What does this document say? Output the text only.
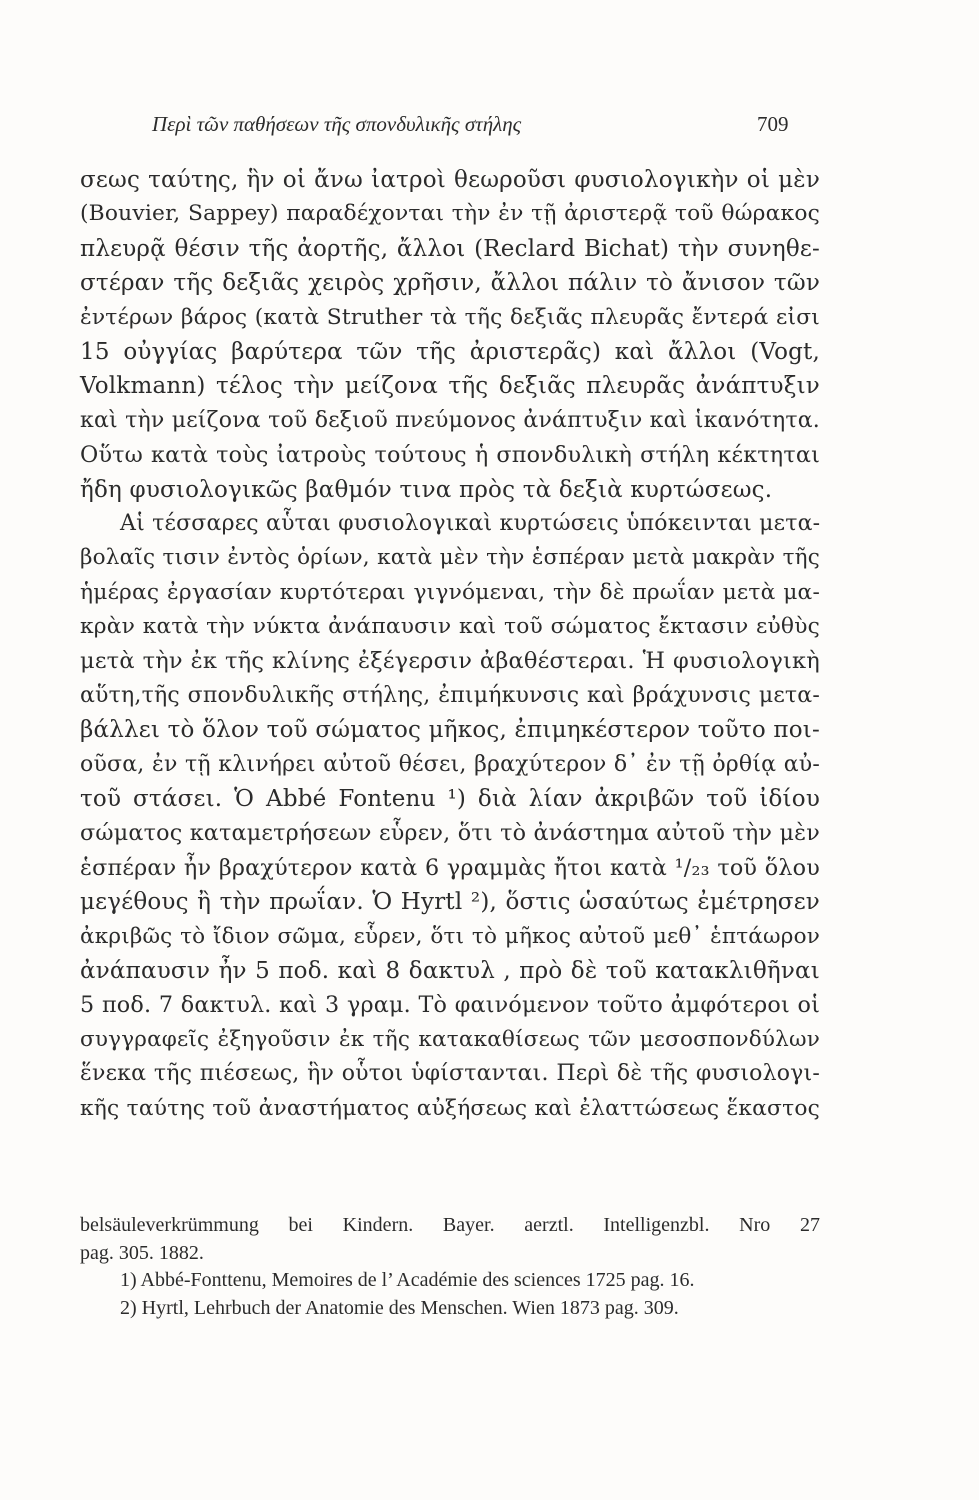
Περὶ τῶν παθήσεων τῆς σπονδυλικῆς στήλης	709
σεως ταύτης, ἣν οἱ ἄνω ἰατροὶ θεωροῦσι φυσιολογικὴν οἱ μὲν
(Bouvier, Sappey) παραδέχονται τὴν ἐν τῇ ἀριστερᾷ τοῦ θώρακος
πλευρᾷ θέσιν τῆς ἀορτῆς, ἄλλοι (Reclard Bichat) τὴν συνηθε-
στέραν τῆς δεξιᾶς χειρὸς χρῆσιν, ἄλλοι πάλιν τὸ ἄνισον τῶν
ἐντέρων βάρος (κατὰ Struther τὰ τῆς δεξιᾶς πλευρᾶς ἔντερά εἰσι
15 οὐγγίας βαρύτερα τῶν τῆς ἀριστερᾶς) καὶ ἄλλοι (Vogt,
Volkmann) τέλος τὴν μείζονα τῆς δεξιᾶς πλευρᾶς ἀνάπτυξιν
καὶ τὴν μείζονα τοῦ δεξιοῦ πνεύμονος ἀνάπτυξιν καὶ ἱκανότητα.
Οὕτω κατὰ τοὺς ἰατροὺς τούτους ἡ σπονδυλικὴ στήλη κέκτηται
ἤδη φυσιολογικῶς βαθμόν τινα πρὸς τὰ δεξιὰ κυρτώσεως.
Αἱ τέσσαρες αὗται φυσιολογικαὶ κυρτώσεις ὑπόκεινται μετα-
βολαῖς τισιν ἐντὸς ὁρίων, κατὰ μὲν τὴν ἑσπέραν μετὰ μακρὰν τῆς
ἡμέρας ἐργασίαν κυρτότεραι γιγνόμεναι, τὴν δὲ πρωΐαν μετὰ μα-
κρὰν κατὰ τὴν νύκτα ἀνάπαυσιν καὶ τοῦ σώματος ἔκτασιν εὐθὺς
μετὰ τὴν ἐκ τῆς κλίνης ἐξέγερσιν ἀβαθέστεραι. Ἡ φυσιολογικὴ
αὕτη,τῆς σπονδυλικῆς στήλης, ἐπιμήκυνσις καὶ βράχυνσις μετα-
βάλλει τὸ ὅλον τοῦ σώματος μῆκος, ἐπιμηκέστερον τοῦτο ποι-
οῦσα, ἐν τῇ κλινήρει αὐτοῦ θέσει, βραχύτερον δ᾽ ἐν τῇ ὀρθίᾳ αὐ-
τοῦ στάσει. Ὁ Abbé Fontenu ¹) διὰ λίαν ἀκριβῶν τοῦ ἰδίου
σώματος καταμετρήσεων εὗρεν, ὅτι τὸ ἀνάστημα αὐτοῦ τὴν μὲν
ἑσπέραν ἦν βραχύτερον κατὰ 6 γραμμὰς ἤτοι κατὰ ¹/₂₃ τοῦ ὅλου
μεγέθους ἢ τὴν πρωΐαν. Ὁ Hyrtl ²), ὅστις ὡσαύτως ἐμέτρησεν
ἀκριβῶς τὸ ἴδιον σῶμα, εὗρεν, ὅτι τὸ μῆκος αὐτοῦ μεθ᾽ ἑπτάωρον
ἀνάπαυσιν ἦν 5 ποδ. καὶ 8 δακτυλ , πρὸ δὲ τοῦ κατακλιθῆναι
5 ποδ. 7 δακτυλ. καὶ 3 γραμ. Τὸ φαινόμενον τοῦτο ἀμφότεροι οἱ
συγγραφεῖς ἐξηγοῦσιν ἐκ τῆς κατακαθίσεως τῶν μεσοσπονδύλων
ἕνεκα τῆς πιέσεως, ἣν οὗτοι ὑφίστανται. Περὶ δὲ τῆς φυσιολογι-
κῆς ταύτης τοῦ ἀναστήματος αὐξήσεως καὶ ἐλαττώσεως ἕκαστος
belsäuleverkrümmung bei Kindern. Bayer. aerztl. Intelligenzbl. Nro 27
pag. 305. 1882.
1) Abbé-Fonttenu, Memoires de l’ Académie des sciences 1725 pag. 16.
2) Hyrtl, Lehrbuch der Anatomie des Menschen. Wien 1873 pag. 309.
